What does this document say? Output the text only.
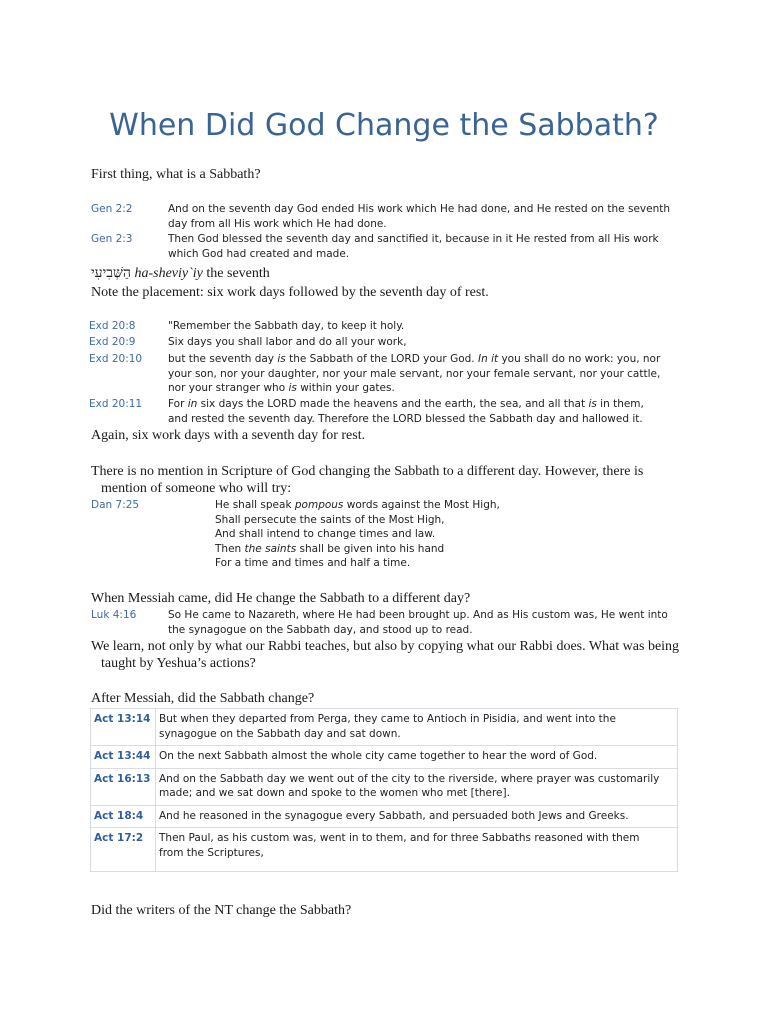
When Did God Change the Sabbath?
First thing, what is a Sabbath?
Gen 2:2	And on the seventh day God ended His work which He had done, and He rested on the seventh
day from all His work which He had done.
Gen 2:3	Then God blessed the seventh day and sanctified it, because in it He rested from all His work
which God had created and made.
הַשְּׁבִיעִי ha-sheviy`iy the seventh
Note the placement: six work days followed by the seventh day of rest.
Exd 20:8	"Remember the Sabbath day, to keep it holy.
Exd 20:9	Six days you shall labor and do all your work,
Exd 20:10 but the seventh day is the Sabbath of the LORD your God. In it you shall do no work: you, nor
your son, nor your daughter, nor your male servant, nor your female servant, nor your cattle,
nor your stranger who is within your gates.
Exd 20:11 For in six days the LORD made the heavens and the earth, the sea, and all that is in them,
and rested the seventh day. Therefore the LORD blessed the Sabbath day and hallowed it.
Again, six work days with a seventh day for rest.
There is no mention in Scripture of God changing the Sabbath to a different day. However, there is mention of someone who will try:
Dan 7:25	He shall speak pompous words against the Most High,
Shall persecute the saints of the Most High,
And shall intend to change times and law.
Then the saints shall be given into his hand
For a time and times and half a time.
When Messiah came, did He change the Sabbath to a different day?
Luk 4:16	So He came to Nazareth, where He had been brought up. And as His custom was, He went into
the synagogue on the Sabbath day, and stood up to read.
We learn, not only by what our Rabbi teaches, but also by copying what our Rabbi does. What was being taught by Yeshua’s actions?
After Messiah, did the Sabbath change?
Act 13:14	But when they departed from Perga, they came to Antioch in Pisidia, and went into the
synagogue on the Sabbath day and sat down.

Act 13:44	On the next Sabbath almost the whole city came together to hear the word of God.

Act 16:13	And on the Sabbath day we went out of the city to the riverside, where prayer was customarily
made; and we sat down and spoke to the women who met [there].

Act 18:4	And he reasoned in the synagogue every Sabbath, and persuaded both Jews and Greeks.

Act 17:2	Then Paul, as his custom was, went in to them, and for three Sabbaths reasoned with them
from the Scriptures,
Did the writers of the NT change the Sabbath?
